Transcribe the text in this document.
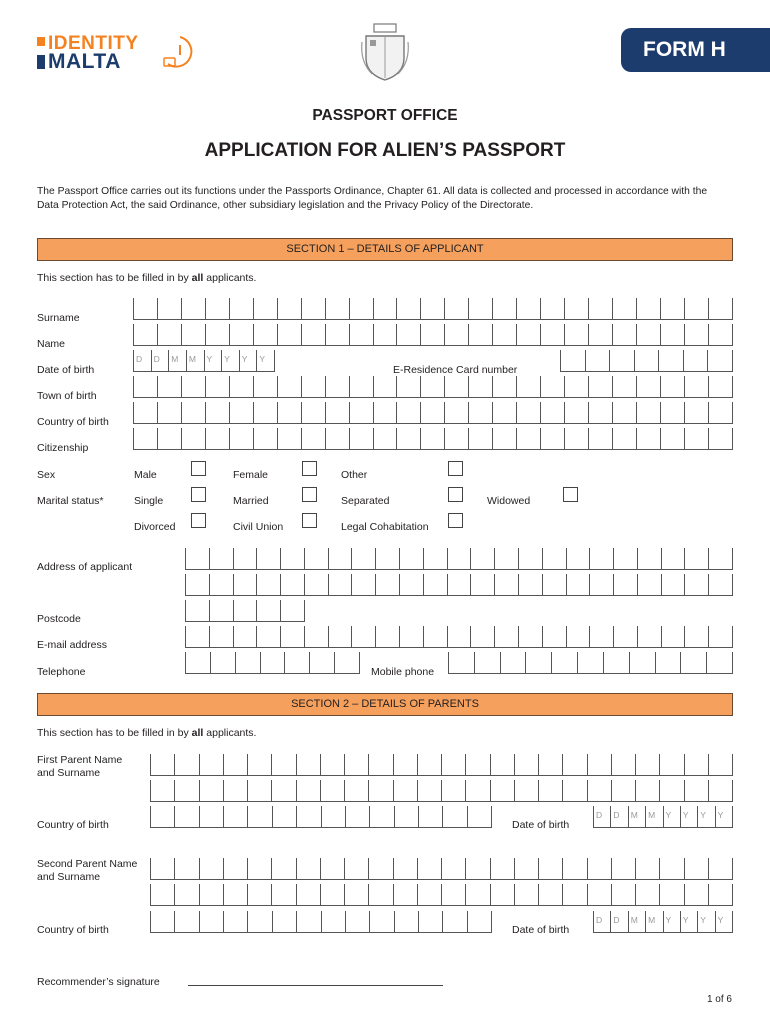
IDENTITY
MALTA
FORM H
PASSPORT OFFICE
APPLICATION FOR ALIEN’S PASSPORT
The Passport Office carries out its functions under the Passports Ordinance, Chapter 61. All data is collected and processed in accordance with the Data Protection Act, the said Ordinance, other subsidiary legislation and the Privacy Policy of the Directorate.
SECTION 1 – DETAILS OF APPLICANT
This section has to be filled in by all applicants.
Surname
Name
Date of birth
D D M M Y Y Y Y
E-Residence Card number
Town of birth
Country of birth
Citizenship
Sex	Male	Female	Other
Marital status*	Single	Married	Separated	Widowed
Divorced	Civil Union	Legal Cohabitation
Address of applicant
Postcode
E-mail address
Telephone	Mobile phone
SECTION 2 – DETAILS OF PARENTS
This section has to be filled in by all applicants.
First Parent Name
and Surname
Country of birth	Date of birth
D D M M Y Y Y Y
Second Parent Name
and Surname
Country of birth	Date of birth
D D M M Y Y Y Y
Recommender’s signature
1 of 6
